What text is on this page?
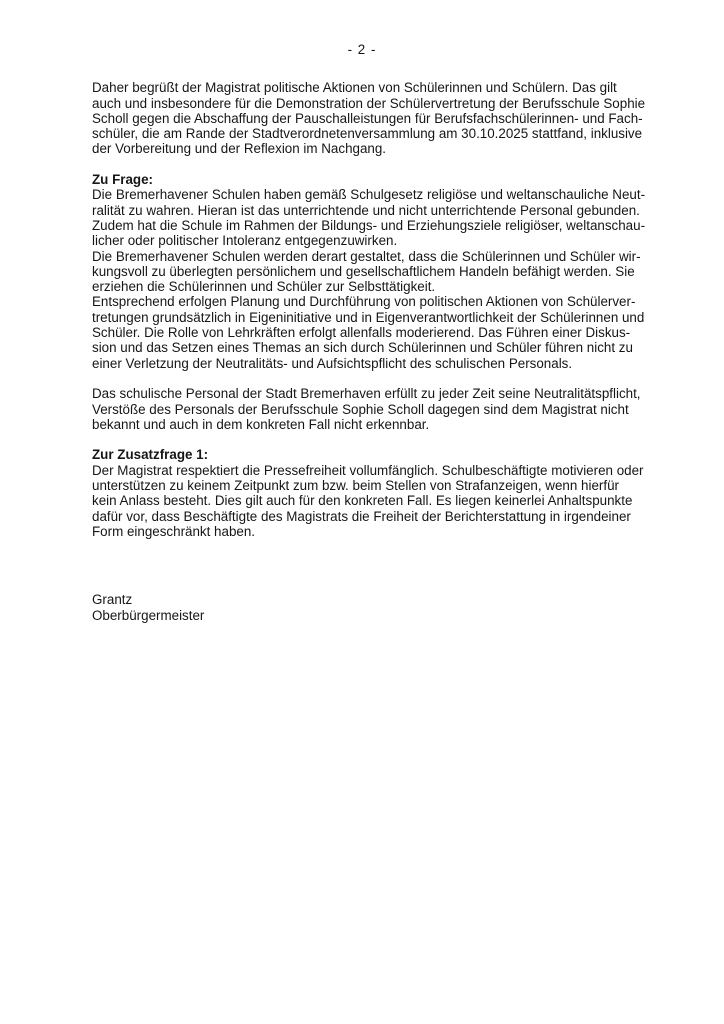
- 2 -
Daher begrüßt der Magistrat politische Aktionen von Schülerinnen und Schülern. Das gilt
auch und insbesondere für die Demonstration der Schülervertretung der Berufsschule Sophie
Scholl gegen die Abschaffung der Pauschalleistungen für Berufsfachschülerinnen- und Fach-
schüler, die am Rande der Stadtverordnetenversammlung am 30.10.2025 stattfand, inklusive
der Vorbereitung und der Reflexion im Nachgang.
Zu Frage:
Die Bremerhavener Schulen haben gemäß Schulgesetz religiöse und weltanschauliche Neut-
ralität zu wahren. Hieran ist das unterrichtende und nicht unterrichtende Personal gebunden.
Zudem hat die Schule im Rahmen der Bildungs- und Erziehungsziele religiöser, weltanschau-
licher oder politischer Intoleranz entgegenzuwirken.
Die Bremerhavener Schulen werden derart gestaltet, dass die Schülerinnen und Schüler wir-
kungsvoll zu überlegten persönlichem und gesellschaftlichem Handeln befähigt werden. Sie
erziehen die Schülerinnen und Schüler zur Selbsttätigkeit.
Entsprechend erfolgen Planung und Durchführung von politischen Aktionen von Schülerver-
tretungen grundsätzlich in Eigeninitiative und in Eigenverantwortlichkeit der Schülerinnen und
Schüler. Die Rolle von Lehrkräften erfolgt allenfalls moderierend. Das Führen einer Diskus-
sion und das Setzen eines Themas an sich durch Schülerinnen und Schüler führen nicht zu
einer Verletzung der Neutralitäts- und Aufsichtspflicht des schulischen Personals.
Das schulische Personal der Stadt Bremerhaven erfüllt zu jeder Zeit seine Neutralitätspflicht,
Verstöße des Personals der Berufsschule Sophie Scholl dagegen sind dem Magistrat nicht
bekannt und auch in dem konkreten Fall nicht erkennbar.
Zur Zusatzfrage 1:
Der Magistrat respektiert die Pressefreiheit vollumfänglich. Schulbeschäftigte motivieren oder
unterstützen zu keinem Zeitpunkt zum bzw. beim Stellen von Strafanzeigen, wenn hierfür
kein Anlass besteht. Dies gilt auch für den konkreten Fall. Es liegen keinerlei Anhaltspunkte
dafür vor, dass Beschäftigte des Magistrats die Freiheit der Berichterstattung in irgendeiner
Form eingeschränkt haben.
Grantz
Oberbürgermeister
